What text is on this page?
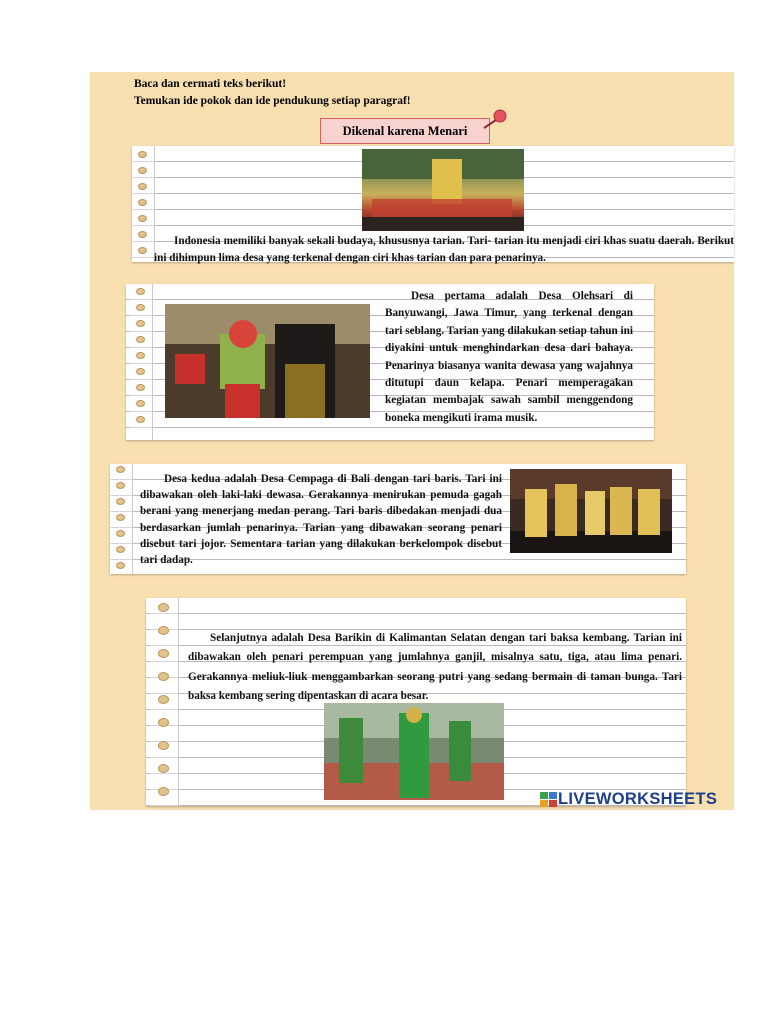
Baca dan cermati teks berikut!
Temukan ide pokok dan ide pendukung setiap paragraf!
Dikenal karena Menari
Indonesia memiliki banyak sekali budaya, khususnya tarian. Tari- tarian itu menjadi ciri khas suatu daerah. Berikut ini dihimpun lima desa yang terkenal dengan ciri khas tarian dan para penarinya.
Desa pertama adalah Desa Olehsari di Banyuwangi, Jawa Timur, yang terkenal dengan tari seblang. Tarian yang dilakukan setiap tahun ini diyakini untuk menghindarkan desa dari bahaya. Penarinya biasanya wanita dewasa yang wajahnya ditutupi daun kelapa. Penari memperagakan kegiatan membajak sawah sambil menggendong boneka mengikuti irama musik.
Desa kedua adalah Desa Cempaga di Bali dengan tari baris. Tari ini dibawakan oleh laki-laki dewasa. Gerakannya menirukan pemuda gagah berani yang menerjang medan perang. Tari baris dibedakan menjadi dua berdasarkan jumlah penarinya. Tarian yang dibawakan seorang penari disebut tari jojor. Sementara tarian yang dilakukan berkelompok disebut tari dadap.
Selanjutnya adalah Desa Barikin di Kalimantan Selatan dengan tari baksa kembang. Tarian ini dibawakan oleh penari perempuan yang jumlahnya ganjil, misalnya satu, tiga, atau lima penari. Gerakannya meliuk-liuk menggambarkan seorang putri yang sedang bermain di taman bunga. Tari baksa kembang sering dipentaskan di acara besar.
LIVEWORKSHEETS
